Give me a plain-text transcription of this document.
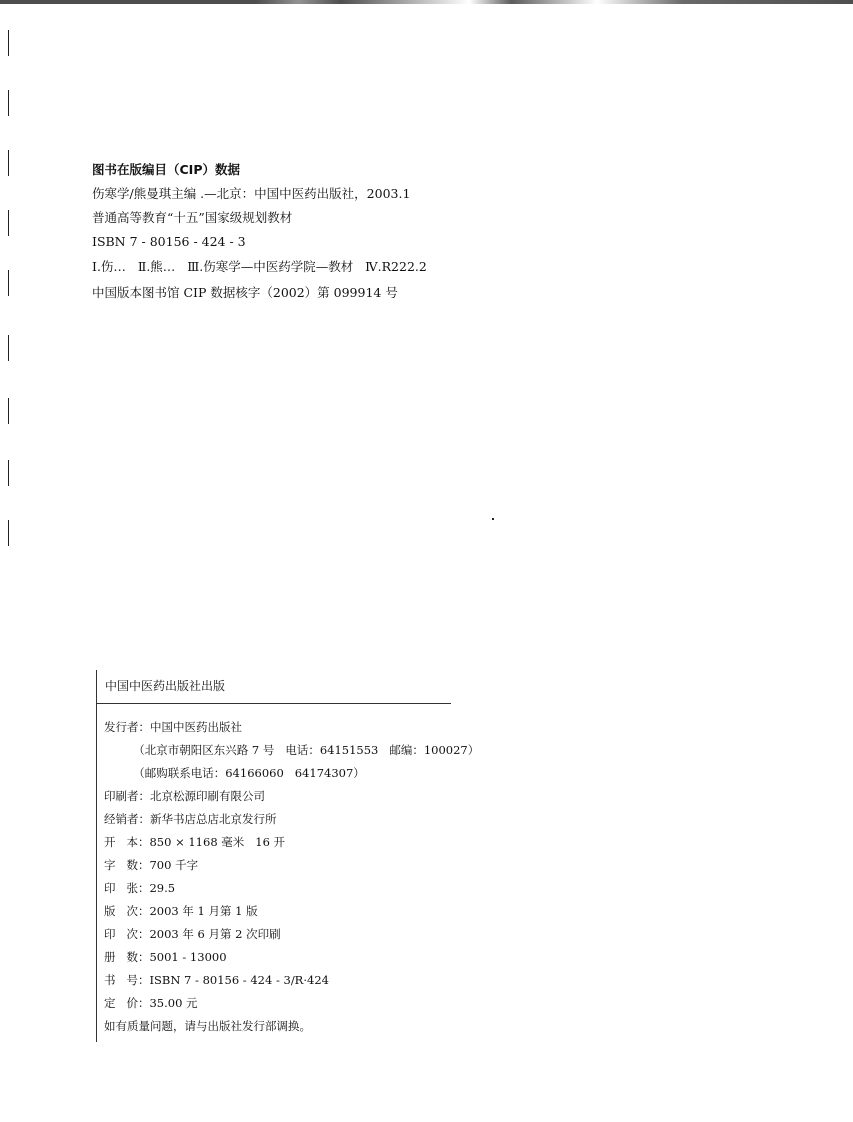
图书在版编目（CIP）数据
伤寒学/熊曼琪主编 .—北京：中国中医药出版社，2003.1
普通高等教育“十五”国家级规划教材
ISBN 7 - 80156 - 424 - 3
Ⅰ.伤…   Ⅱ.熊…   Ⅲ.伤寒学—中医药学院—教材   Ⅳ.R222.2
中国版本图书馆 CIP 数据核字（2002）第 099914 号
中国中医药出版社出版
发行者：中国中医药出版社
（北京市朝阳区东兴路 7 号   电话：64151553   邮编：100027）
（邮购联系电话：64166060   64174307）
印刷者：北京松源印刷有限公司
经销者：新华书店总店北京发行所
开   本：850 × 1168 毫米   16 开
字   数：700 千字
印   张：29.5
版   次：2003 年 1 月第 1 版
印   次：2003 年 6 月第 2 次印刷
册   数：5001 - 13000
书   号：ISBN 7 - 80156 - 424 - 3/R·424
定   价：35.00 元
如有质量问题，请与出版社发行部调换。
